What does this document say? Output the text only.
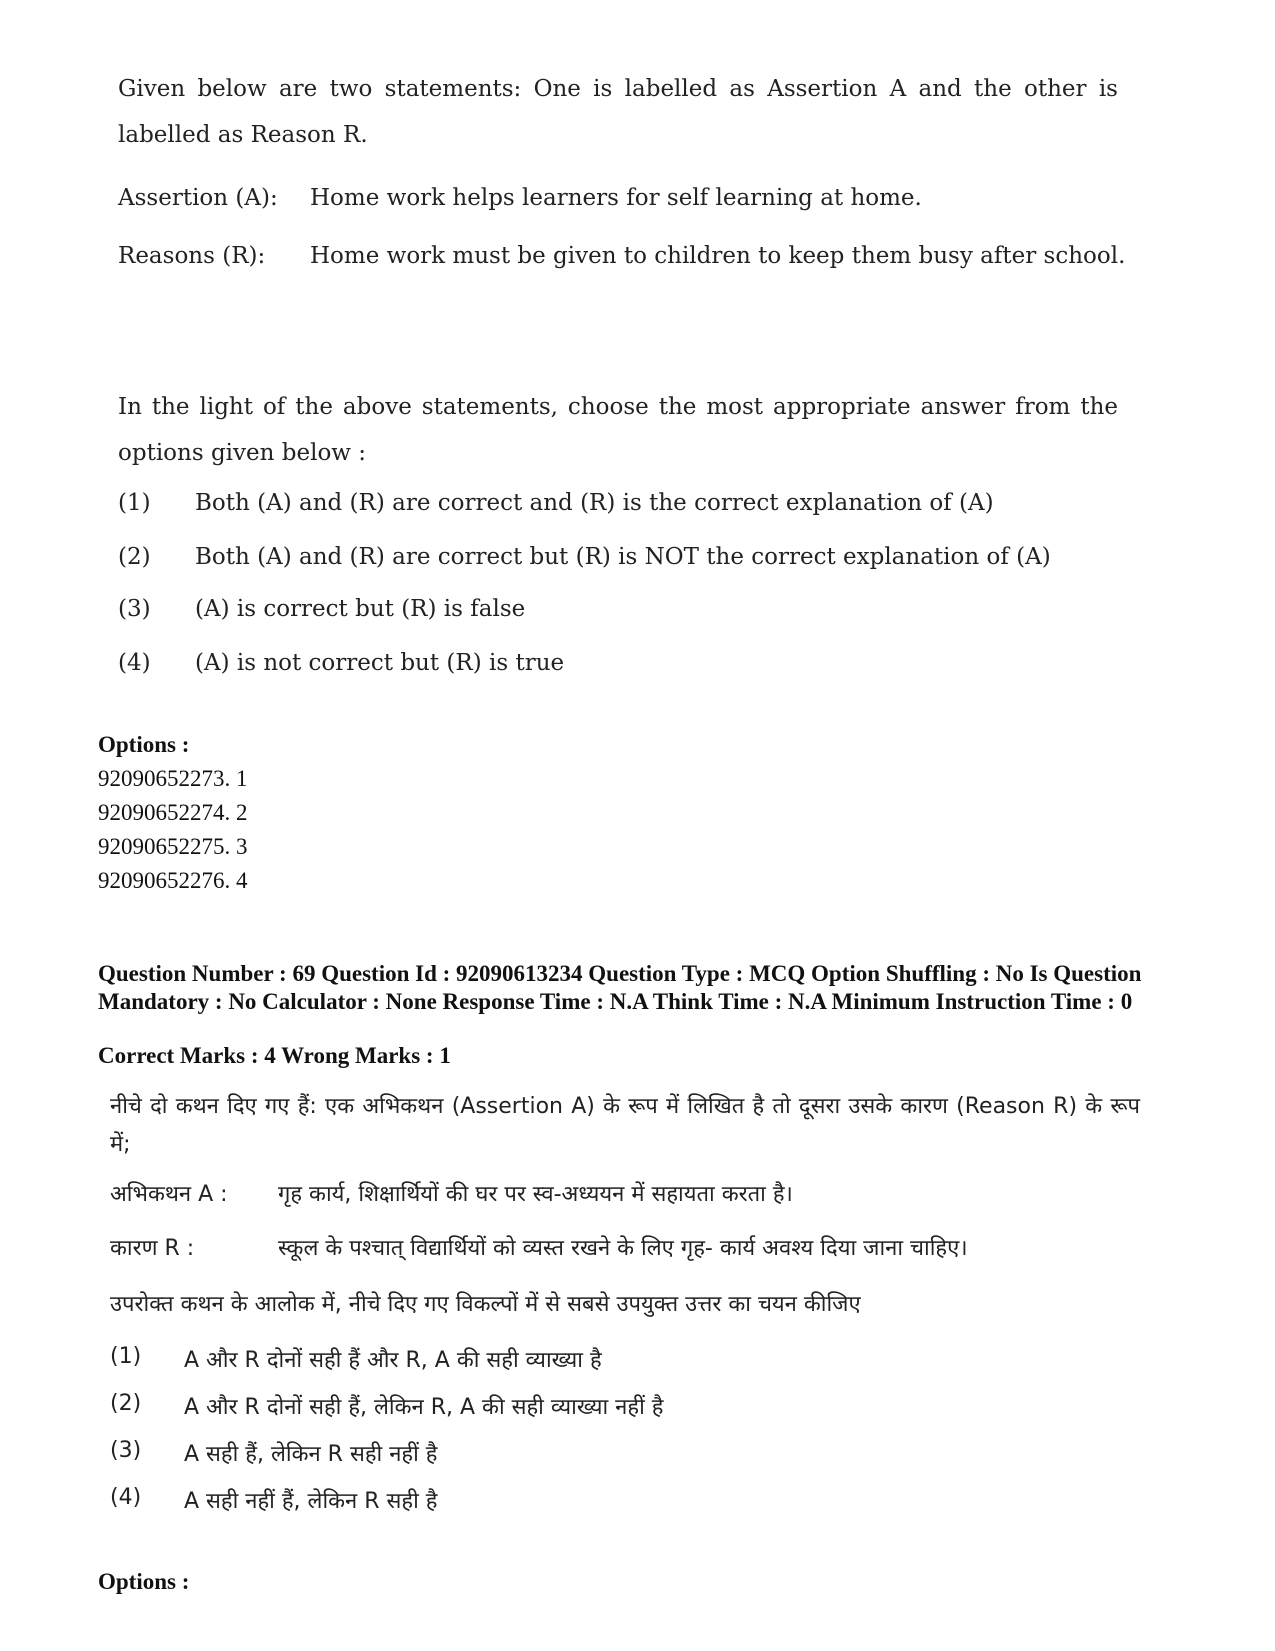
Given below are two statements: One is labelled as Assertion A and the other is labelled as Reason R.
Assertion (A): Home work helps learners for self learning at home.
Reasons (R): Home work must be given to children to keep them busy after school.
In the light of the above statements, choose the most appropriate answer from the options given below :
(1) Both (A) and (R) are correct and (R) is the correct explanation of (A)
(2) Both (A) and (R) are correct but (R) is NOT the correct explanation of (A)
(3) (A) is correct but (R) is false
(4) (A) is not correct but (R) is true
Options :
92090652273. 1
92090652274. 2
92090652275. 3
92090652276. 4
Question Number : 69 Question Id : 92090613234 Question Type : MCQ Option Shuffling : No Is Question Mandatory : No Calculator : None Response Time : N.A Think Time : N.A Minimum Instruction Time : 0
Correct Marks : 4 Wrong Marks : 1
नीचे दो कथन दिए गए हैं: एक अभिकथन (Assertion A) के रूप में लिखित है तो दूसरा उसके कारण (Reason R) के रूप में;
अभिकथन A : गृह कार्य, शिक्षार्थियों की घर पर स्व-अध्ययन में सहायता करता है।
कारण R :	स्कूल के पश्चात् विद्यार्थियों को व्यस्त रखने के लिए गृह- कार्य अवश्य दिया जाना चाहिए।
उपरोक्त कथन के आलोक में, नीचे दिए गए विकल्पों में से सबसे उपयुक्त उत्तर का चयन कीजिए
(1) A और R दोनों सही हैं और R, A की सही व्याख्या है
(2) A और R दोनों सही हैं, लेकिन R, A की सही व्याख्या नहीं है
(3) A सही हैं, लेकिन R सही नहीं है
(4) A सही नहीं हैं, लेकिन R सही है
Options :
